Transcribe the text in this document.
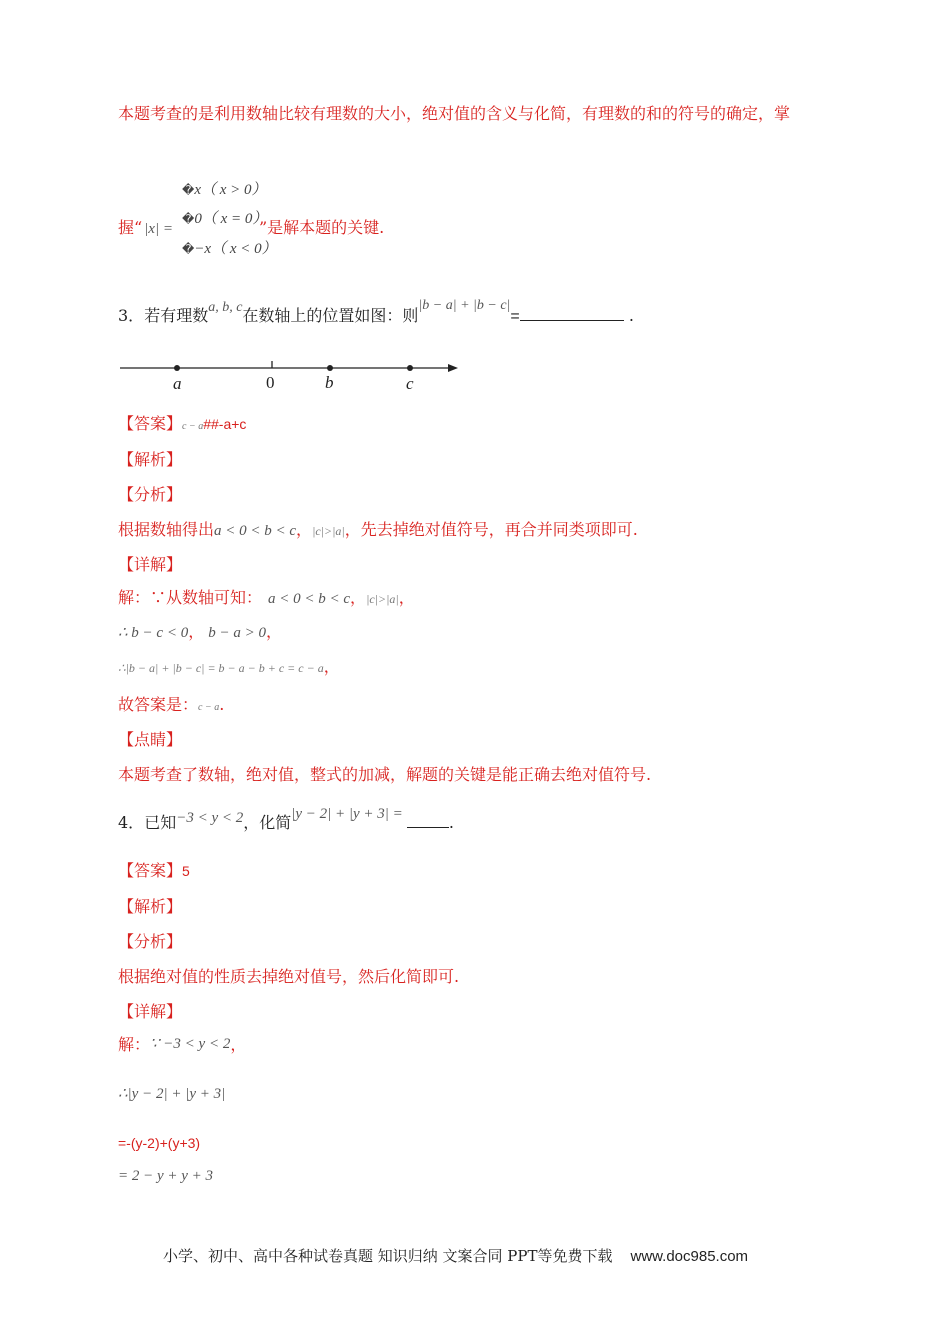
本题考查的是利用数轴比较有理数的大小，绝对值的含义与化简，有理数的和的符号的确定，掌
握“ |x| =	”是解本题的关键.
�x（ x > 0）
�0（ x = 0）
�−x（ x < 0）
3．若有理数a, b, c在数轴上的位置如图：则|b − a| + |b − c|=	.
a	0	b	c
【答案】c − a##-a+c
【解析】
【分析】
根据数轴得出a < 0 < b < c，|c|>|a|，先去掉绝对值符号，再合并同类项即可.
【详解】
解：∵从数轴可知： a < 0 < b < c，|c|>|a|，
∴ b − c < 0， b − a > 0，
∴|b − a| + |b − c| = b − a − b + c = c − a，
故答案是：c − a.
【点睛】
本题考查了数轴，绝对值，整式的加减，解题的关键是能正确去绝对值符号.
4．已知−3 < y < 2，化简|y − 2| + |y + 3| =	.
【答案】5
【解析】
【分析】
根据绝对值的性质去掉绝对值号，然后化简即可.
【详解】
解：∵ −3 < y < 2，
∴|y − 2| + |y + 3|
=-(y-2)+(y+3)
= 2 − y + y + 3
小学、初中、高中各种试卷真题 知识归纳 文案合同 PPT等免费下载 www.doc985.com
